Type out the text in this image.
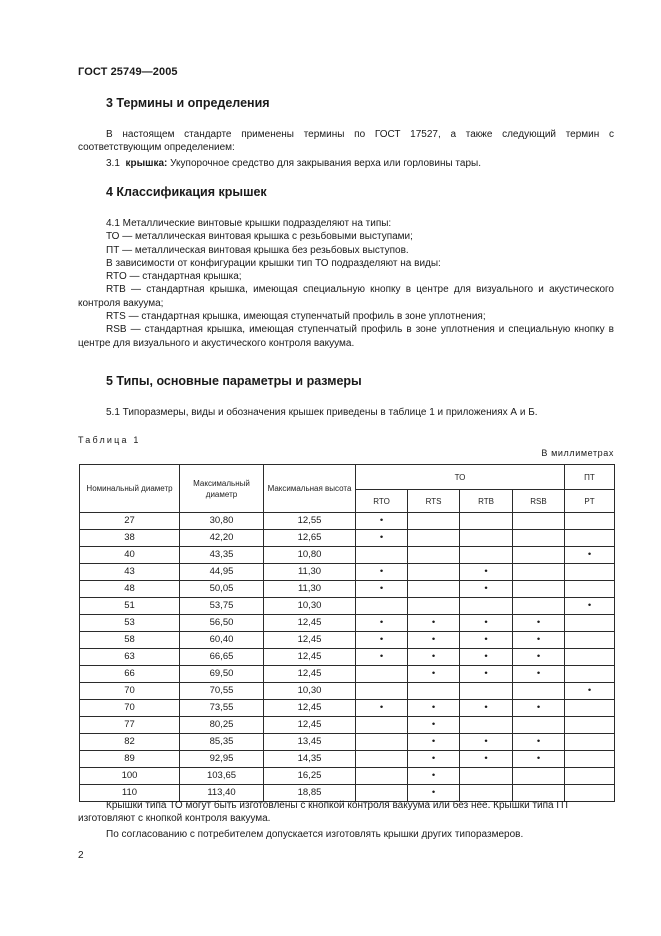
ГОСТ 25749—2005
3 Термины и определения

В настоящем стандарте применены термины по ГОСТ 17527, а также следующий термин с соответствующим определением:

3.1 крышка: Укупорочное средство для закрывания верха или горловины тары.

4 Классификация крышек

4.1 Металлические винтовые крышки подразделяют на типы:

ТО — металлическая винтовая крышка с резьбовыми выступами;

ПТ — металлическая винтовая крышка без резьбовых выступов.

В зависимости от конфигурации крышки тип ТО подразделяют на виды:

RTO — стандартная крышка;

RTB — стандартная крышка, имеющая специальную кнопку в центре для визуального и акустического контроля вакуума;

RTS — стандартная крышка, имеющая ступенчатый профиль в зоне уплотнения;

RSB — стандартная крышка, имеющая ступенчатый профиль в зоне уплотнения и специальную кнопку в центре для визуального и акустического контроля вакуума.

5 Типы, основные параметры и размеры

5.1 Типоразмеры, виды и обозначения крышек приведены в таблице 1 и приложениях А и Б.

Таблица 1
В миллиметрах
Номинальный диаметр	Максимальный диаметр	Максимальная высота	ТО				ПТ
			RTO	RTS	RTB	RSB	PT
27	30,80	12,55	•				
38	42,20	12,65	•				
40	43,35	10,80					•
43	44,95	11,30	•		•		
48	50,05	11,30	•		•		
51	53,75	10,30					•
53	56,50	12,45	•	•	•	•	
58	60,40	12,45	•	•	•	•	
63	66,65	12,45	•	•	•	•	
66	69,50	12,45		•	•	•	
70	70,55	10,30					•
70	73,55	12,45	•	•	•	•	
77	80,25	12,45		•			
82	85,35	13,45		•	•	•	
89	92,95	14,35		•	•	•	
100	103,65	16,25		•			
110	113,40	18,85		•			

Крышки типа ТО могут быть изготовлены с кнопкой контроля вакуума или без нее. Крышки типа ПТ изготовляют с кнопкой контроля вакуума.

По согласованию с потребителем допускается изготовлять крышки других типоразмеров.

2
